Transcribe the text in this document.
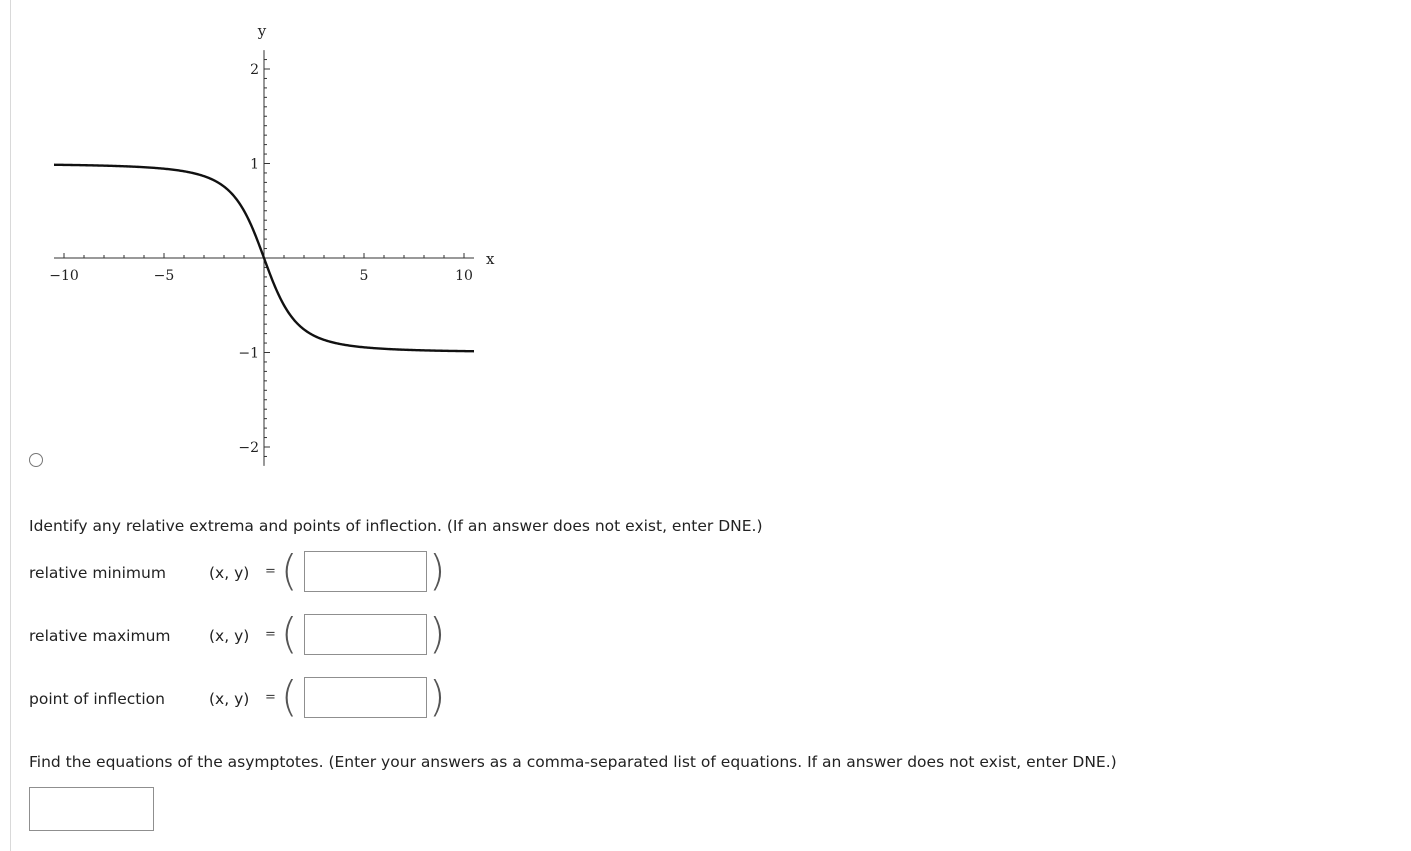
−10	−5	5	10
2
1
−1
−2
x
y
Identify any relative extrema and points of inflection. (If an answer does not exist, enter DNE.)
relative minimum	(x, y) = (	)
relative maximum (x, y) = (	)
point of inflection	(x, y) = (	)
Find the equations of the asymptotes. (Enter your answers as a comma-separated list of equations. If an answer does not exist, enter DNE.)
